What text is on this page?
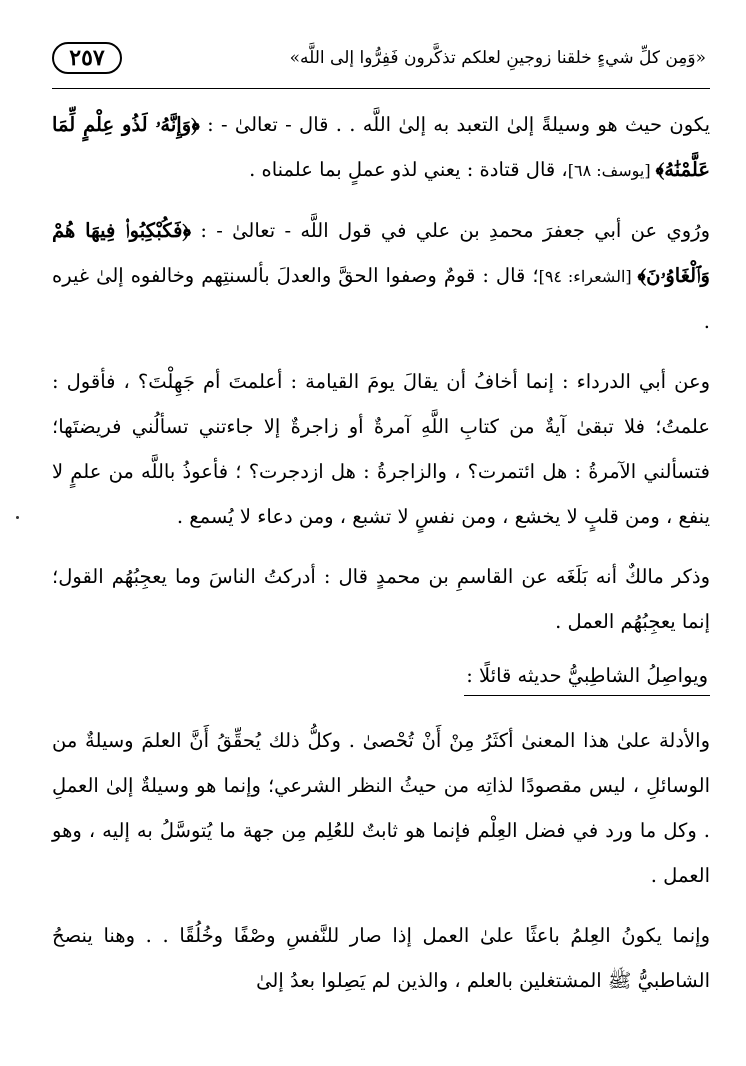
«وَمِن كلِّ شيءٍ خلقنا زوجينِ لعلكم تذكَّرون فَفِرُّوا إلى اللَّه»
٢٥٧

يكون حيث هو وسيلةً إلىٰ التعبد به إلىٰ اللَّه . . قال - تعالىٰ - : ﴿وَإِنَّهُۥ لَذُو عِلْمٍ لِّمَا عَلَّمْنَٰهُ﴾ [يوسف: ٦٨]، قال قتادة : يعني لذو عملٍ بما علمناه .

ورُوي عن أبي جعفرَ محمدِ بن علي في قول اللَّه - تعالىٰ - : ﴿فَكُبْكِبُوا۟ فِيهَا هُمْ وَٱلْغَاوُۥنَ﴾ [الشعراء: ٩٤]؛ قال : قومٌ وصفوا الحقَّ والعدلَ بألسنتِهم وخالفوه إلىٰ غيره .

وعن أبي الدرداء : إنما أخافُ أن يقالَ يومَ القيامة : أعلمتَ أم جَهِلْتَ؟ ، فأقول : علمتُ؛ فلا تبقىٰ آيةٌ من كتابِ اللَّهِ آمرةٌ أو زاجرةٌ إلا جاءتني تسألُني فريضتَها؛ فتسألني الآمرةُ : هل ائتمرت؟ ، والزاجرةُ : هل ازدجرت؟ ؛ فأعوذُ باللَّه من علمٍ لا ينفع ، ومن قلبٍ لا يخشع ، ومن نفسٍ لا تشبع ، ومن دعاء لا يُسمع .

وذكر مالكٌ أنه بَلَغَه عن القاسمِ بن محمدٍ قال : أدركتُ الناسَ وما يعجِبُهُم القول؛ إنما يعجِبُهُم العمل .

ويواصِلُ الشاطِبيُّ حديثه قائلًا :

والأدلة علىٰ هذا المعنىٰ أكثَرُ مِنْ أَنْ تُحْصىٰ . وكلُّ ذلك يُحقِّقُ أَنَّ العلمَ وسيلةٌ من الوسائلِ ، ليس مقصودًا لذاتِه من حيثُ النظر الشرعي؛ وإنما هو وسيلةٌ إلىٰ العملِ . وكل ما ورد في فضل العِلْم فإنما هو ثابتٌ للعُلِم مِن جهة ما يُتوسَّلُ به إليه ، وهو العمل .

وإنما يكونُ العِلمُ باعثًا علىٰ العمل إذا صار للنَّفسِ وصْفًا وخُلُقًا . . وهنا ينصحُ الشاطبيُّ ﷺ المشتغلين بالعلم ، والذين لم يَصِلوا بعدُ إلىٰ
